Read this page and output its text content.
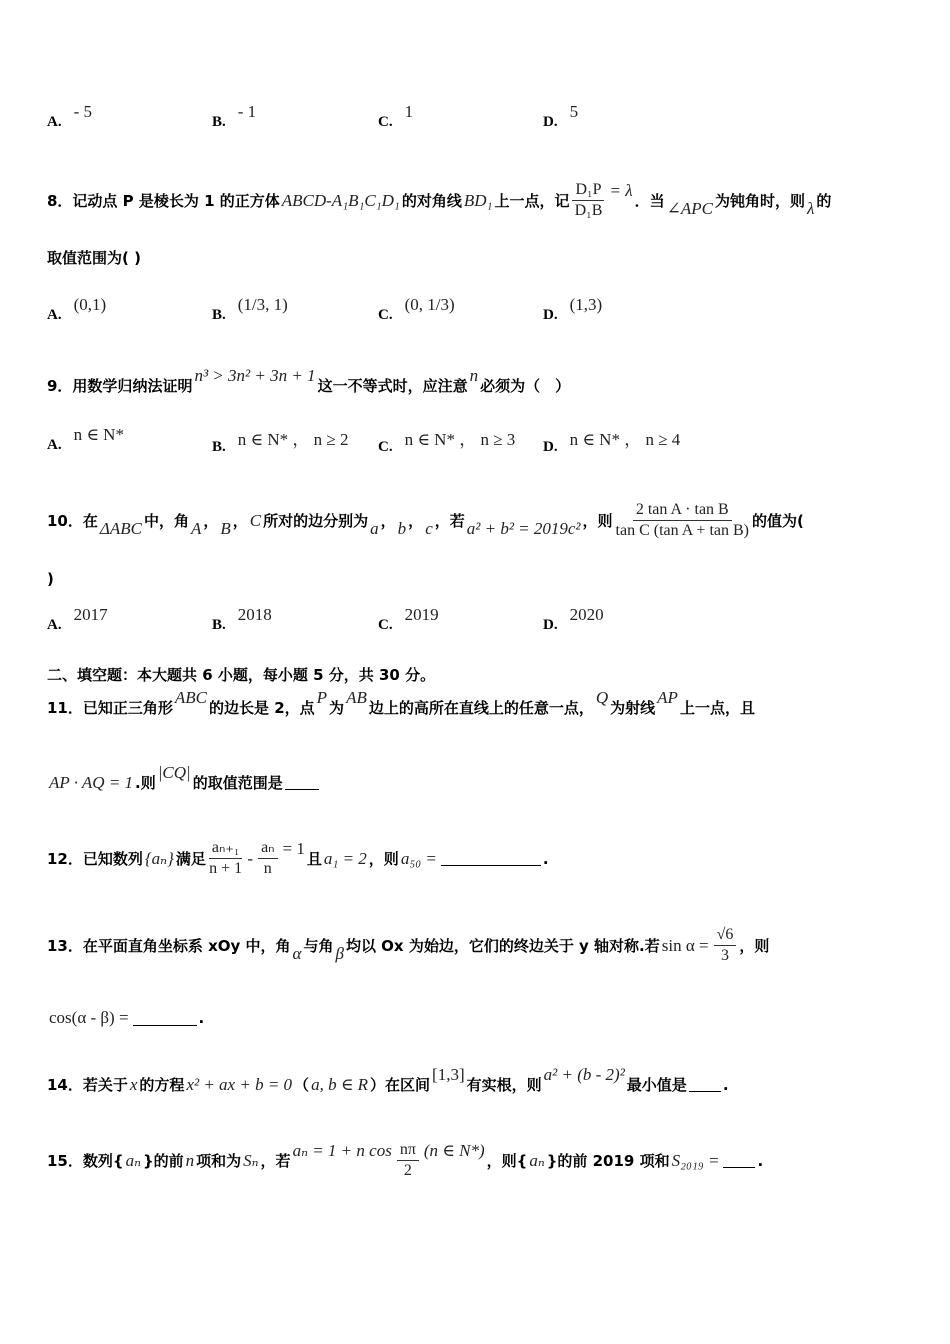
8．记动点 P 是棱长为 1 的正方体 ABCD-A₁B₁C₁D₁ 的对角线 BD₁ 上一点，记 $\frac{\text{D₁P}}{\text{D₁B}} = \lambda$
．当 ∠APC 为钝角时，则 λ 的
取值范围为( )
9．用数学归纳法证明
n³ > 3n² + 3n + 1
这一不等式时，应注意
n
必须为（　）
10．在 ΔABC 中，角 A ， B ， C 所对的边分别为 a ， b ， c ，若 a² + b² = 2019c² ，则 $\frac{\text{2 tan A · tan B}}{\text{tan C (tan A + tan B)}}$ 的值为(
)
二、填空题：本大题共 6 小题，每小题 5 分，共 30 分。
11．已知正三角形
ABC
的边长是 2，点
P
为
AB
边上的高所在直线上的任意一点，
Q
为射线
AP
上一点，且
AP · AQ = 1 .则
|CQ|
的取值范围是
12．已知数列 {aₙ} 满足 $\frac{\text{aₙ₊₁}}{n + 1} - \frac{\text{aₙ}}{n} = 1$
且 a₁ = 2 ，则 a₅₀ =	.
13．在平面直角坐标系 xOy 中，角 α 与角 β 均以 Ox 为始边，它们的终边关于 y 轴对称.若 $\sin \alpha = \frac{√6}{3}$ ，则
cos(α - β) =	.
14．若关于 x 的方程 x² + ax + b = 0 （ a, b ∈ R ）在区间
[1,3]
有实根，则
a² + (b - 2)²
最小值是 .
15．数列{ aₙ }的前 n 项和为 Sₙ ，若
aₙ = 1 + n $\cos \frac{n\pi}{2} (n$ ∈ N*)
，则{ aₙ }的前 2019 项和 S₂₀₁₉ =	.
A.
- 5
B.
- 1
C.
1
D.
5
A.
(0,1)
B.
(1/3, 1)
C.
(0, 1/3)
D.
(1,3)
A.
n ∈ N*
B. n ∈ N* ， n ≥ 2 C. n ∈ N* ， n ≥ 3 D. n ∈ N* ， n ≥ 4
A.
2017
B.
2018
C.
2019
D.
2020
